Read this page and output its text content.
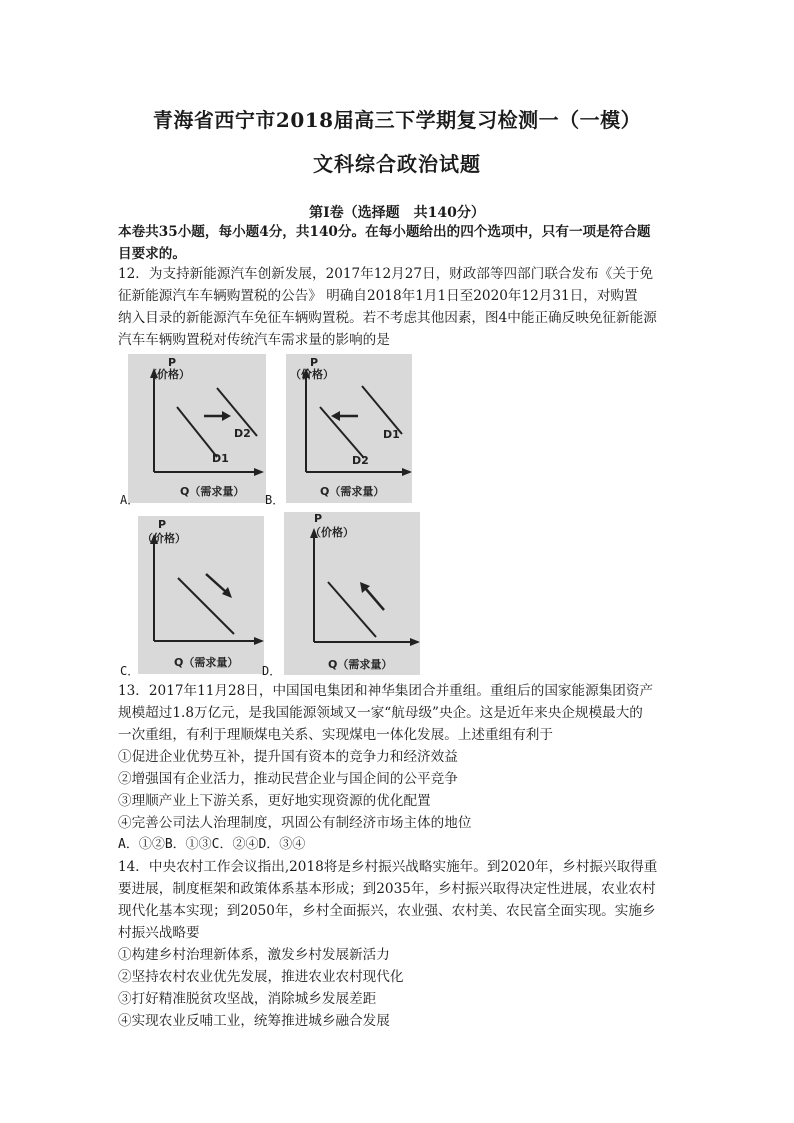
青海省西宁市2018届高三下学期复习检测一（一模）
文科综合政治试题
第Ⅰ卷（选择题　共140分）
本卷共35小题，每小题4分，共140分。在每小题给出的四个选项中，只有一项是符合题
目要求的。
12．为支持新能源汽车创新发展，2017年12月27日，财政部等四部门联合发布《关于免
征新能源汽车车辆购置税的公告》 明确自2018年1月1日至2020年12月31日，对购置
纳入目录的新能源汽车免征车辆购置税。若不考虑其他因素，图4中能正确反映免征新能源
汽车车辆购置税对传统汽车需求量的影响的是
P
（价格）
D2
D1
Q（需求量）
A．
P
（价格）
D1
D2
Q（需求量）
B．
P
（价格）
Q（需求量）
C．
P
（价格）
Q（需求量）
D．
13．2017年11月28日，中国国电集团和神华集团合并重组。重组后的国家能源集团资产
规模超过1.8万亿元，是我国能源领域又一家“航母级”央企。这是近年来央企规模最大的
一次重组，有利于理顺煤电关系、实现煤电一体化发展。上述重组有利于
①促进企业优势互补，提升国有资本的竞争力和经济效益
②增强国有企业活力，推动民营企业与国企间的公平竞争
③理顺产业上下游关系，更好地实现资源的优化配置
④完善公司法人治理制度，巩固公有制经济市场主体的地位
A．①②B．①③C．②④D．③④
14．中央农村工作会议指出,2018将是乡村振兴战略实施年。到2020年，乡村振兴取得重
要进展，制度框架和政策体系基本形成；到2035年，乡村振兴取得决定性进展，农业农村
现代化基本实现；到2050年，乡村全面振兴，农业强、农村美、农民富全面实现。实施乡
村振兴战略要
①构建乡村治理新体系，激发乡村发展新活力
②坚持农村农业优先发展，推进农业农村现代化
③打好精准脱贫攻坚战，消除城乡发展差距
④实现农业反哺工业，统筹推进城乡融合发展
